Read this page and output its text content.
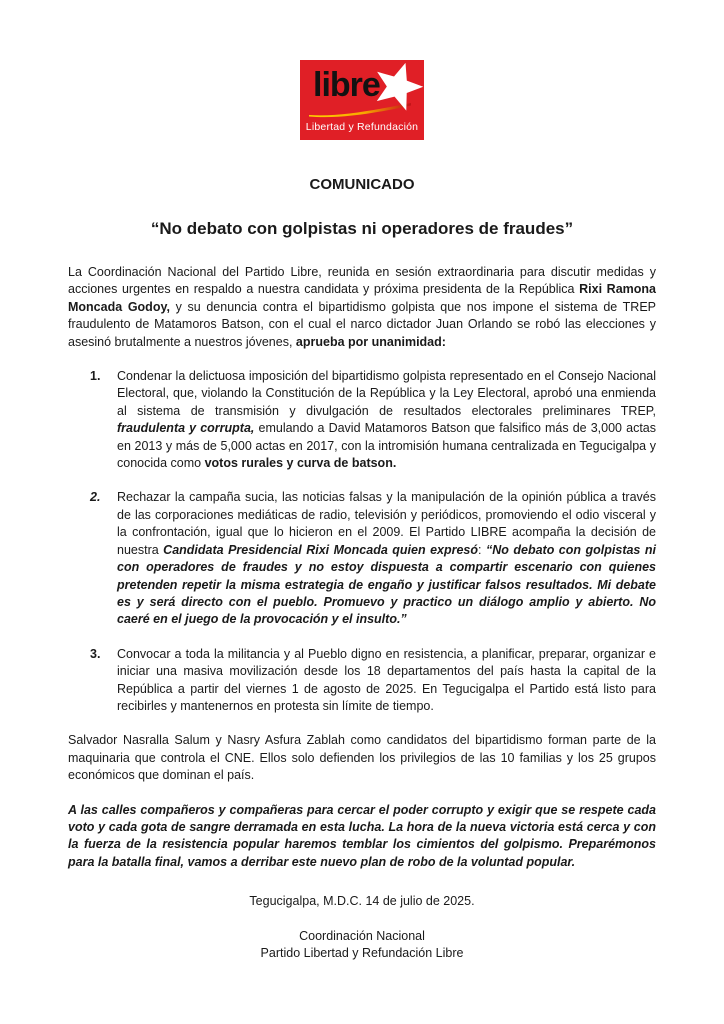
libre
Libertad y Refundación
COMUNICADO
“No debato con golpistas ni operadores de fraudes”

La Coordinación Nacional del Partido Libre, reunida en sesión extraordinaria para discutir medidas y acciones urgentes en respaldo a nuestra candidata y próxima presidenta de la República Rixi Ramona Moncada Godoy, y su denuncia contra el bipartidismo golpista que nos impone el sistema de TREP fraudulento de Matamoros Batson, con el cual el narco dictador Juan Orlando se robó las elecciones y asesinó brutalmente a nuestros jóvenes, aprueba por unanimidad:

1.	Condenar la delictuosa imposición del bipartidismo golpista representado en el Consejo Nacional Electoral, que, violando la Constitución de la República y la Ley Electoral, aprobó una enmienda al sistema de transmisión y divulgación de resultados electorales preliminares TREP, fraudulenta y corrupta, emulando a David Matamoros Batson que falsifico más de 3,000 actas en 2013 y más de 5,000 actas en 2017, con la intromisión humana centralizada en Tegucigalpa y conocida como votos rurales y curva de batson.
2.	Rechazar la campaña sucia, las noticias falsas y la manipulación de la opinión pública a través de las corporaciones mediáticas de radio, televisión y periódicos, promoviendo el odio visceral y la confrontación, igual que lo hicieron en el 2009. El Partido LIBRE acompaña la decisión de nuestra Candidata Presidencial Rixi Moncada quien expresó: “No debato con golpistas ni con operadores de fraudes y no estoy dispuesta a compartir escenario con quienes pretenden repetir la misma estrategia de engaño y justificar falsos resultados. Mi debate es y será directo con el pueblo. Promuevo y practico un diálogo amplio y abierto. No caeré en el juego de la provocación y el insulto.”
3.	Convocar a toda la militancia y al Pueblo digno en resistencia, a planificar, preparar, organizar e iniciar una masiva movilización desde los 18 departamentos del país hasta la capital de la República a partir del viernes 1 de agosto de 2025. En Tegucigalpa el Partido está listo para recibirles y mantenernos en protesta sin límite de tiempo.

Salvador Nasralla Salum y Nasry Asfura Zablah como candidatos del bipartidismo forman parte de la maquinaria que controla el CNE. Ellos solo defienden los privilegios de las 10 familias y los 25 grupos económicos que dominan el país.

A las calles compañeros y compañeras para cercar el poder corrupto y exigir que se respete cada voto y cada gota de sangre derramada en esta lucha. La hora de la nueva victoria está cerca y con la fuerza de la resistencia popular haremos temblar los cimientos del golpismo. Preparémonos para la batalla final, vamos a derribar este nuevo plan de robo de la voluntad popular.

Tegucigalpa, M.D.C. 14 de julio de 2025.
Coordinación Nacional
Partido Libertad y Refundación Libre
